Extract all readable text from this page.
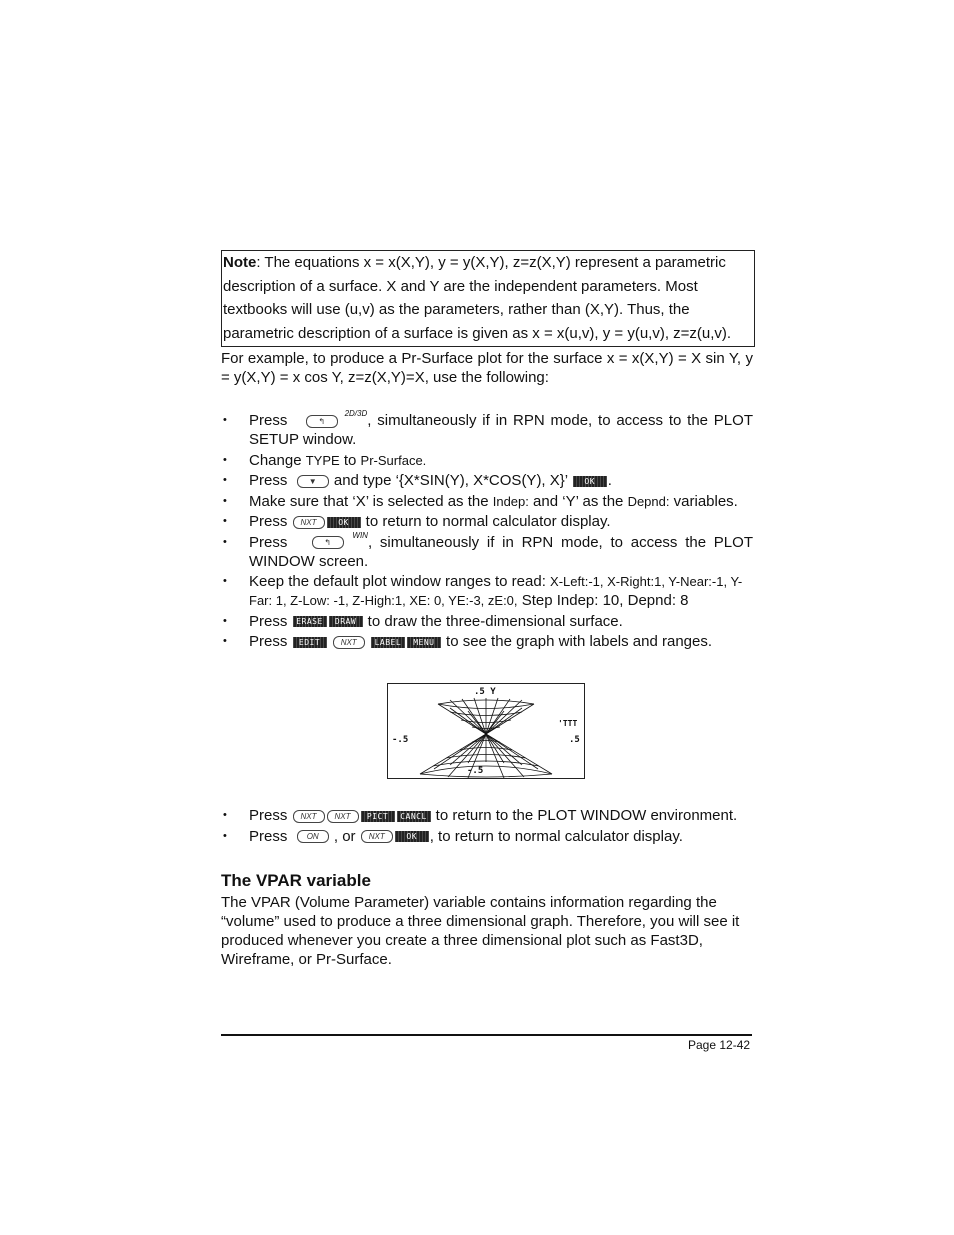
Note: The equations x = x(X,Y), y = y(X,Y), z=z(X,Y) represent a parametric
description of a surface. X and Y are the independent parameters. Most
textbooks will use (u,v) as the parameters, rather than (X,Y). Thus, the
parametric description of a surface is given as x = x(u,v), y = y(u,v), z=z(u,v).
For example, to produce a Pr-Surface plot for the surface x = x(X,Y) = X sin Y, y = y(X,Y) = x cos Y, z=z(X,Y)=X, use the following:
• Press	↰ 2D/3D, simultaneously if in RPN mode, to access to the PLOT SETUP window.
• Change TYPE to Pr-Surface.
• Press	▼ and type ‘{X*SIN(Y), X*COS(Y), X}’ OK .
• Make sure that ‘X’ is selected as the Indep: and ‘Y’ as the Depnd: variables.
• Press NXT	OK to return to normal calculator display.
• Press	↰ WIN, simultaneously if in RPN mode, to access the PLOT WINDOW screen.
• Keep the default plot window ranges to read: X-Left:-1, X-Right:1, Y-Near:-1, Y-Far: 1, Z-Low: -1, Z-High:1, XE: 0, YE:-3, zE:0, Step Indep: 10, Depnd: 8
• Press ERASE DRAW to draw the three-dimensional surface.
• Press EDIT	NXT LABEL MENU to see the graph with labels and ranges.
.5 Y
'TTT
-.5	.5
-.5
• Press NXT NXT PICT CANCL to return to the PLOT WINDOW environment.
• Press ON , or NXT	OK , to return to normal calculator display.
The VPAR variable
The VPAR (Volume Parameter) variable contains information regarding the “volume” used to produce a three dimensional graph. Therefore, you will see it produced whenever you create a three dimensional plot such as Fast3D, Wireframe, or Pr-Surface.
Page 12-42
